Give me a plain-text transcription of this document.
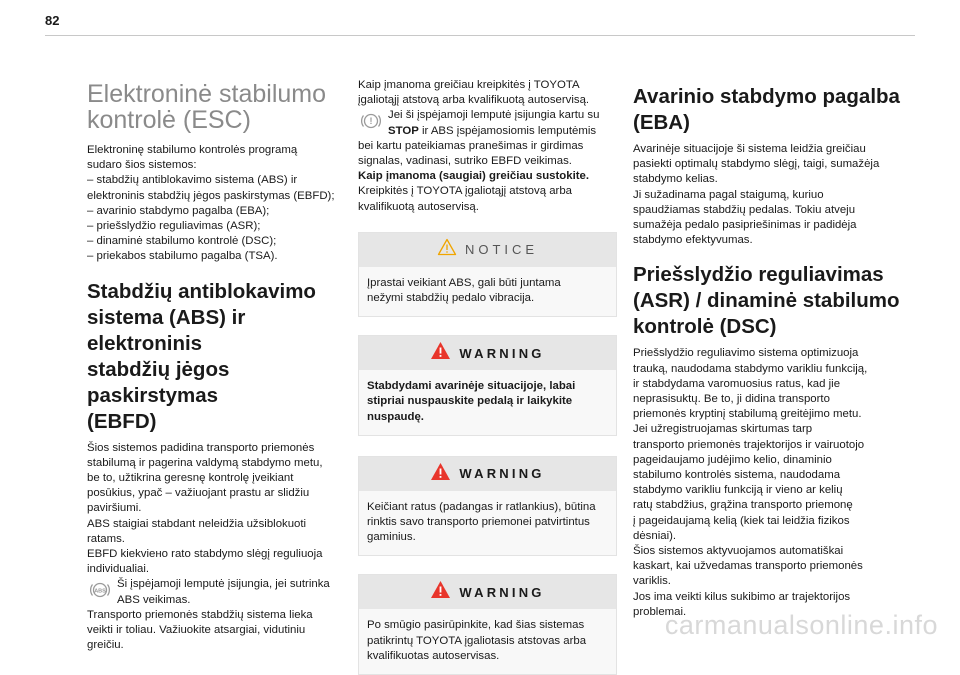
82
Elektroninė stabilumo
kontrolė (ESC)
Elektroninę stabilumo kontrolės programą
sudaro šios sistemos:
– stabdžių antiblokavimo sistema (ABS) ir
elektroninis stabdžių jėgos paskirstymas (EBFD);
– avarinio stabdymo pagalba (EBA);
– priešslydžio reguliavimas (ASR);
– dinaminė stabilumo kontrolė (DSC);
– priekabos stabilumo pagalba (TSA).
Stabdžių antiblokavimo
sistema (ABS) ir elektroninis
stabdžių jėgos paskirstymas
(EBFD)
Šios sistemos padidina transporto priemonės
stabilumą ir pagerina valdymą stabdymo metu,
be to, užtikrina geresnę kontrolę įveikiant
posūkius, ypač – važiuojant prastu ar slidžiu
paviršiumi.
ABS staigiai stabdant neleidžia užsiblokuoti
ratams.
EBFD kiekviено rato stabdymo slėgį reguliuoja
individualiai.
ABS
Ši įspėjamoji lemputė įsijungia, jei sutrinka
ABS veikimas.
Transporto priemonės stabdžių sistema lieka
veikti ir toliau. Važiuokite atsargiai, vidutiniu
greičiu.
Kaip įmanoma greičiau kreipkitės į TOYOTA
įgaliotąjį atstovą arba kvalifikuotą autoservisą.
! Jei ši įspėjamoji lemputė įsijungia kartu su
STOP ir ABS įspėjamosiomis lemputėmis
bei kartu pateikiamas pranešimas ir girdimas
signalas, vadinasi, sutriko EBFD veikimas.
Kaip įmanoma (saugiai) greičiau sustokite.
Kreipkitės į TOYOTA įgaliotąjį atstovą arba
kvalifikuotą autoservisą.
NOTICE
Įprastai veikiant ABS, gali būti juntama
nežymi stabdžių pedalo vibracija.
WARNING
Stabdydami avarinėje situacijoje, labai
stipriai nuspauskite pedalą ir laikykite
nuspaudę.
WARNING
Keičiant ratus (padangas ir ratlankius), būtina
rinktis savo transporto priemonei patvirtintus
gaminius.
WARNING
Po smūgio pasirūpinkite, kad šias sistemas
patikrintų TOYOTA įgaliotasis atstovas arba
kvalifikuotas autoservisas.
Avarinio stabdymo pagalba
(EBA)
Avarinėje situacijoje ši sistema leidžia greičiau
pasiekti optimalų stabdymo slėgį, taigi, sumažėja
stabdymo kelias.
Ji sužadinama pagal staigumą, kuriuo
spaudžiamas stabdžių pedalas. Tokiu atveju
sumažėja pedalo pasipriešinimas ir padidėja
stabdymo efektyvumas.
Priešslydžio reguliavimas
(ASR) / dinaminė stabilumo
kontrolė (DSC)
Priešslydžio reguliavimo sistema optimizuoja
trauką, naudodama stabdymo varikliu funkciją,
ir stabdydama varomuosius ratus, kad jie
neprasisuktų. Be to, ji didina transporto
priemonės kryptinį stabilumą greitėjimo metu.
Jei užregistruojamas skirtumas tarp
transporto priemonės trajektorijos ir vairuotojo
pageidaujamo judėjimo kelio, dinaminio
stabilumo kontrolės sistema, naudodama
stabdymo varikliu funkciją ir vieno ar kelių
ratų stabdžius, grąžina transporto priemonę
į pageidaujamą kelią (kiek tai leidžia fizikos
dėsniai).
Šios sistemos aktyvuojamos automatiškai
kaskart, kai užvedamas transporto priemonės
variklis.
Jos ima veikti kilus sukibimo ar trajektorijos
problemai.
carmanualsonline.info
